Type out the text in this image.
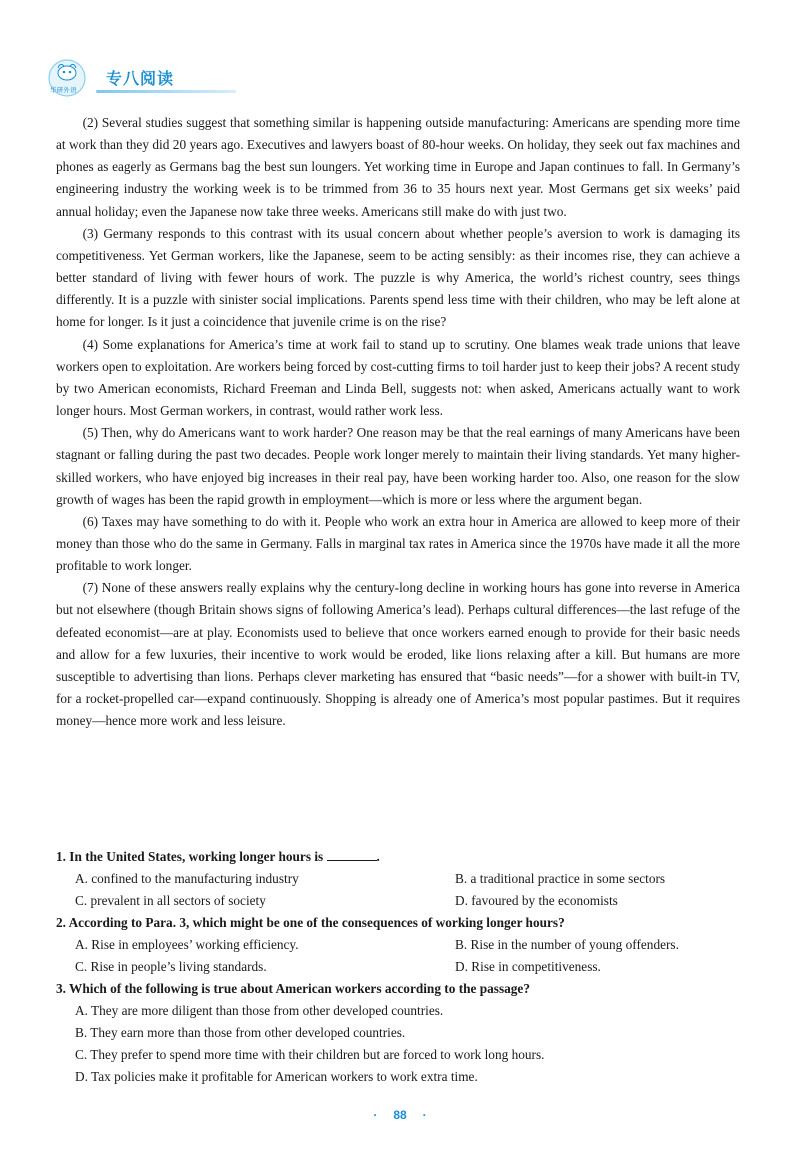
华研外语
专八阅读

(2) Several studies suggest that something similar is happening outside manufacturing: Americans are spending more time at work than they did 20 years ago. Executives and lawyers boast of 80-hour weeks. On holiday, they seek out fax machines and phones as eagerly as Germans bag the best sun loungers. Yet working time in Europe and Japan continues to fall. In Germany’s engineering industry the working week is to be trimmed from 36 to 35 hours next year. Most Germans get six weeks’ paid annual holiday; even the Japanese now take three weeks. Americans still make do with just two.

(3) Germany responds to this contrast with its usual concern about whether people’s aversion to work is damaging its competitiveness. Yet German workers, like the Japanese, seem to be acting sensibly: as their incomes rise, they can achieve a better standard of living with fewer hours of work. The puzzle is why America, the world’s richest country, sees things differently. It is a puzzle with sinister social implications. Parents spend less time with their children, who may be left alone at home for longer. Is it just a coincidence that juvenile crime is on the rise?

(4) Some explanations for America’s time at work fail to stand up to scrutiny. One blames weak trade unions that leave workers open to exploitation. Are workers being forced by cost-cutting firms to toil harder just to keep their jobs? A recent study by two American economists, Richard Freeman and Linda Bell, suggests not: when asked, Americans actually want to work longer hours. Most German workers, in contrast, would rather work less.

(5) Then, why do Americans want to work harder? One reason may be that the real earnings of many Americans have been stagnant or falling during the past two decades. People work longer merely to maintain their living standards. Yet many higher-skilled workers, who have enjoyed big increases in their real pay, have been working harder too. Also, one reason for the slow growth of wages has been the rapid growth in employment—which is more or less where the argument began.

(6) Taxes may have something to do with it. People who work an extra hour in America are allowed to keep more of their money than those who do the same in Germany. Falls in marginal tax rates in America since the 1970s have made it all the more profitable to work longer.

(7) None of these answers really explains why the century-long decline in working hours has gone into reverse in America but not elsewhere (though Britain shows signs of following America’s lead). Perhaps cultural differences—the last refuge of the defeated economist—are at play. Economists used to believe that once workers earned enough to provide for their basic needs and allow for a few luxuries, their incentive to work would be eroded, like lions relaxing after a kill. But humans are more susceptible to advertising than lions. Perhaps clever marketing has ensured that “basic needs”—for a shower with built-in TV, for a rocket-propelled car—expand continuously. Shopping is already one of America’s most popular pastimes. But it requires money—hence more work and less leisure.

1. In the United States, working longer hours is	.
A. confined to the manufacturing industry	B. a traditional practice in some sectors
C. prevalent in all sectors of society	D. favoured by the economists
2. According to Para. 3, which might be one of the consequences of working longer hours?
A. Rise in employees’ working efficiency.	B. Rise in the number of young offenders.
C. Rise in people’s living standards.	D. Rise in competitiveness.
3. Which of the following is true about American workers according to the passage?
A. They are more diligent than those from other developed countries.
B. They earn more than those from other developed countries.
C. They prefer to spend more time with their children but are forced to work long hours.
D. Tax policies make it profitable for American workers to work extra time.
· 88 ·
